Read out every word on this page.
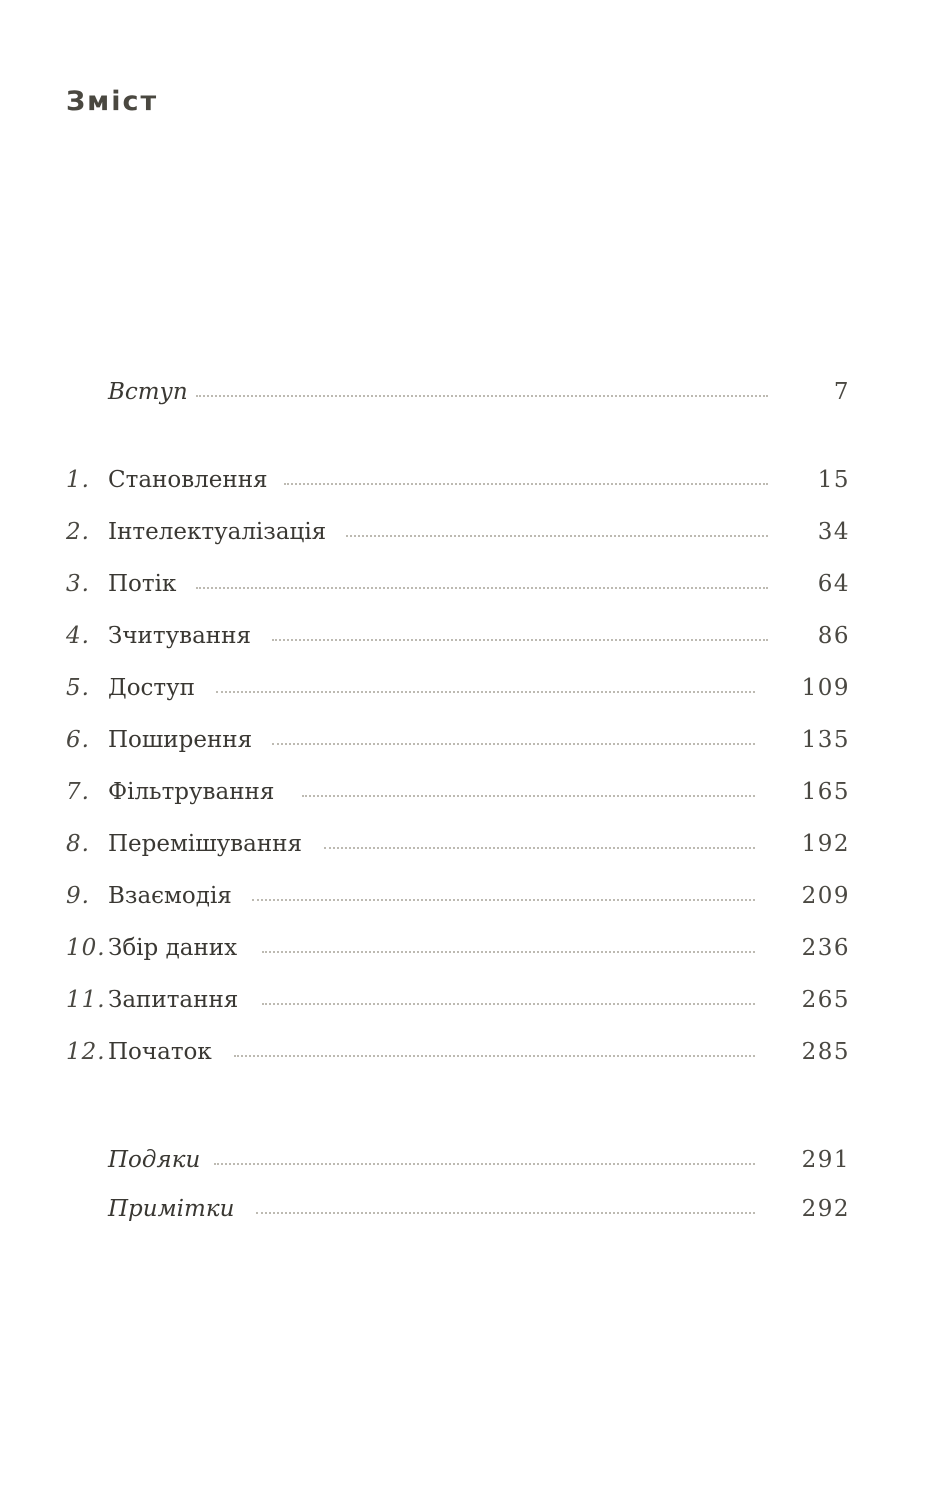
Зміст
Вступ	7
1. Становлення	15
2. Інтелектуалізація	34
3. Потік	64
4. Зчитування	86
5. Доступ	109
6. Поширення	135
7. Фільтрування	165
8. Перемішування	192
9. Взаємодія	209
10. Збір даних	236
11. Запитання	265
12. Початок	285
Подяки	291
Примітки	292
